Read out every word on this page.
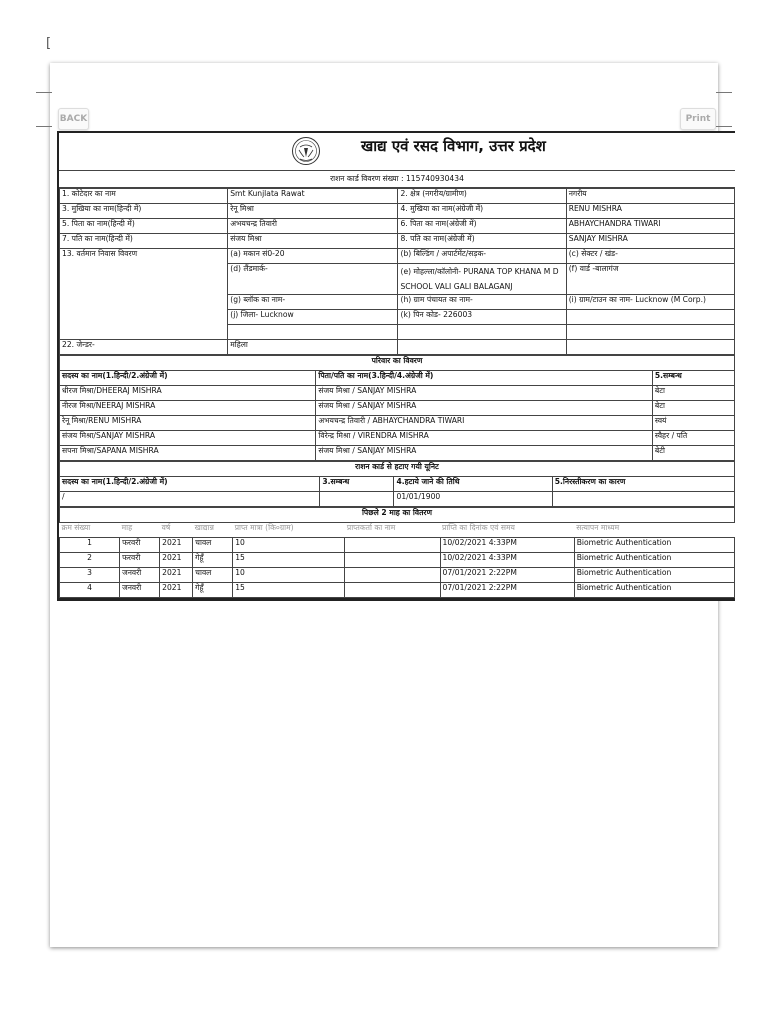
[
BACK	Print
खाद्य एवं रसद विभाग, उत्तर प्रदेश
राशन कार्ड विवरण संख्या : 115740930434
1. कोटेदार का नाम	Smt Kunjlata Rawat	2. क्षेत्र (नगरीय/ग्रामीण)	नगरीय
3. मुखिया का नाम(हिन्दी में)	रेनू मिश्रा	4. मुखिया का नाम(अंग्रेजी में)	RENU MISHRA
5. पिता का नाम(हिन्दी में)	अभयचन्द्र तिवारी	6. पिता का नाम(अंग्रेजी में)	ABHAYCHANDRA TIWARI
7. पति का नाम(हिन्दी में)	संजय मिश्रा	8. पति का नाम(अंग्रेजी में)	SANJAY MISHRA
13. वर्तमान निवास विवरण	(a) मकान सं0-20	(b) बिल्डिंग / अपार्टमेंट/सड़क-	(c) सेक्टर / खंड-
	(d) लैंडमार्क-	(e) मोहल्ला/कॉलोनी- PURANA TOP KHANA M D SCHOOL VALI GALI BALAGANJ	(f) वार्ड -बालागंज
	(g) ब्लॉक का नाम-	(h) ग्राम पंचायत का नाम-	(i) ग्राम/टाउन का नाम- Lucknow (M Corp.)
	(j) जिला- Lucknow	(k) पिन कोड- 226003	

22. जेन्डर-	महिला		
परिवार का विवरण		
सदस्य का नाम(1.हिन्दी/2.अंग्रेजी में)	पिता/पति का नाम(3.हिन्दी/4.अंग्रेजी में)	5.सम्बन्ध
धीरज मिश्रा/DHEERAJ MISHRA	संजय मिश्रा / SANJAY MISHRA	बेटा
नीरज मिश्रा/NEERAJ MISHRA	संजय मिश्रा / SANJAY MISHRA	बेटा
रेनू मिश्रा/RENU MISHRA	अभयचन्द्र तिवारी / ABHAYCHANDRA TIWARI	स्वयं
संजय मिश्रा/SANJAY MISHRA	विरेन्द्र मिश्रा / VIRENDRA MISHRA	स्वैहर / पति
सपना मिश्रा/SAPANA MISHRA	संजय मिश्रा / SANJAY MISHRA	बेटी
राशन कार्ड से हटाए गयी यूनिट			
सदस्य का नाम(1.हिन्दी/2.अंग्रेजी में)	3.सम्बन्ध	4.हटाये जाने की तिथि	5.निरस्तीकरण का कारण
/		01/01/1900	
पिछले 2 माह का वितरण							
क्रम संख्या	माह	वर्ष	खाद्यान्न	प्राप्त मात्रा (कि०ग्राम)	प्राप्तकर्ता का नाम	प्राप्ति का दिनांक एवं समय	सत्यापन माध्यम
1	फरवरी	2021	चावल	10		10/02/2021 4:33PM	Biometric Authentication
2	फरवरी	2021	गेहूँ	15		10/02/2021 4:33PM	Biometric Authentication
3	जनवरी	2021	चावल	10		07/01/2021 2:22PM	Biometric Authentication
4	जनवरी	2021	गेहूँ	15		07/01/2021 2:22PM	Biometric Authentication
